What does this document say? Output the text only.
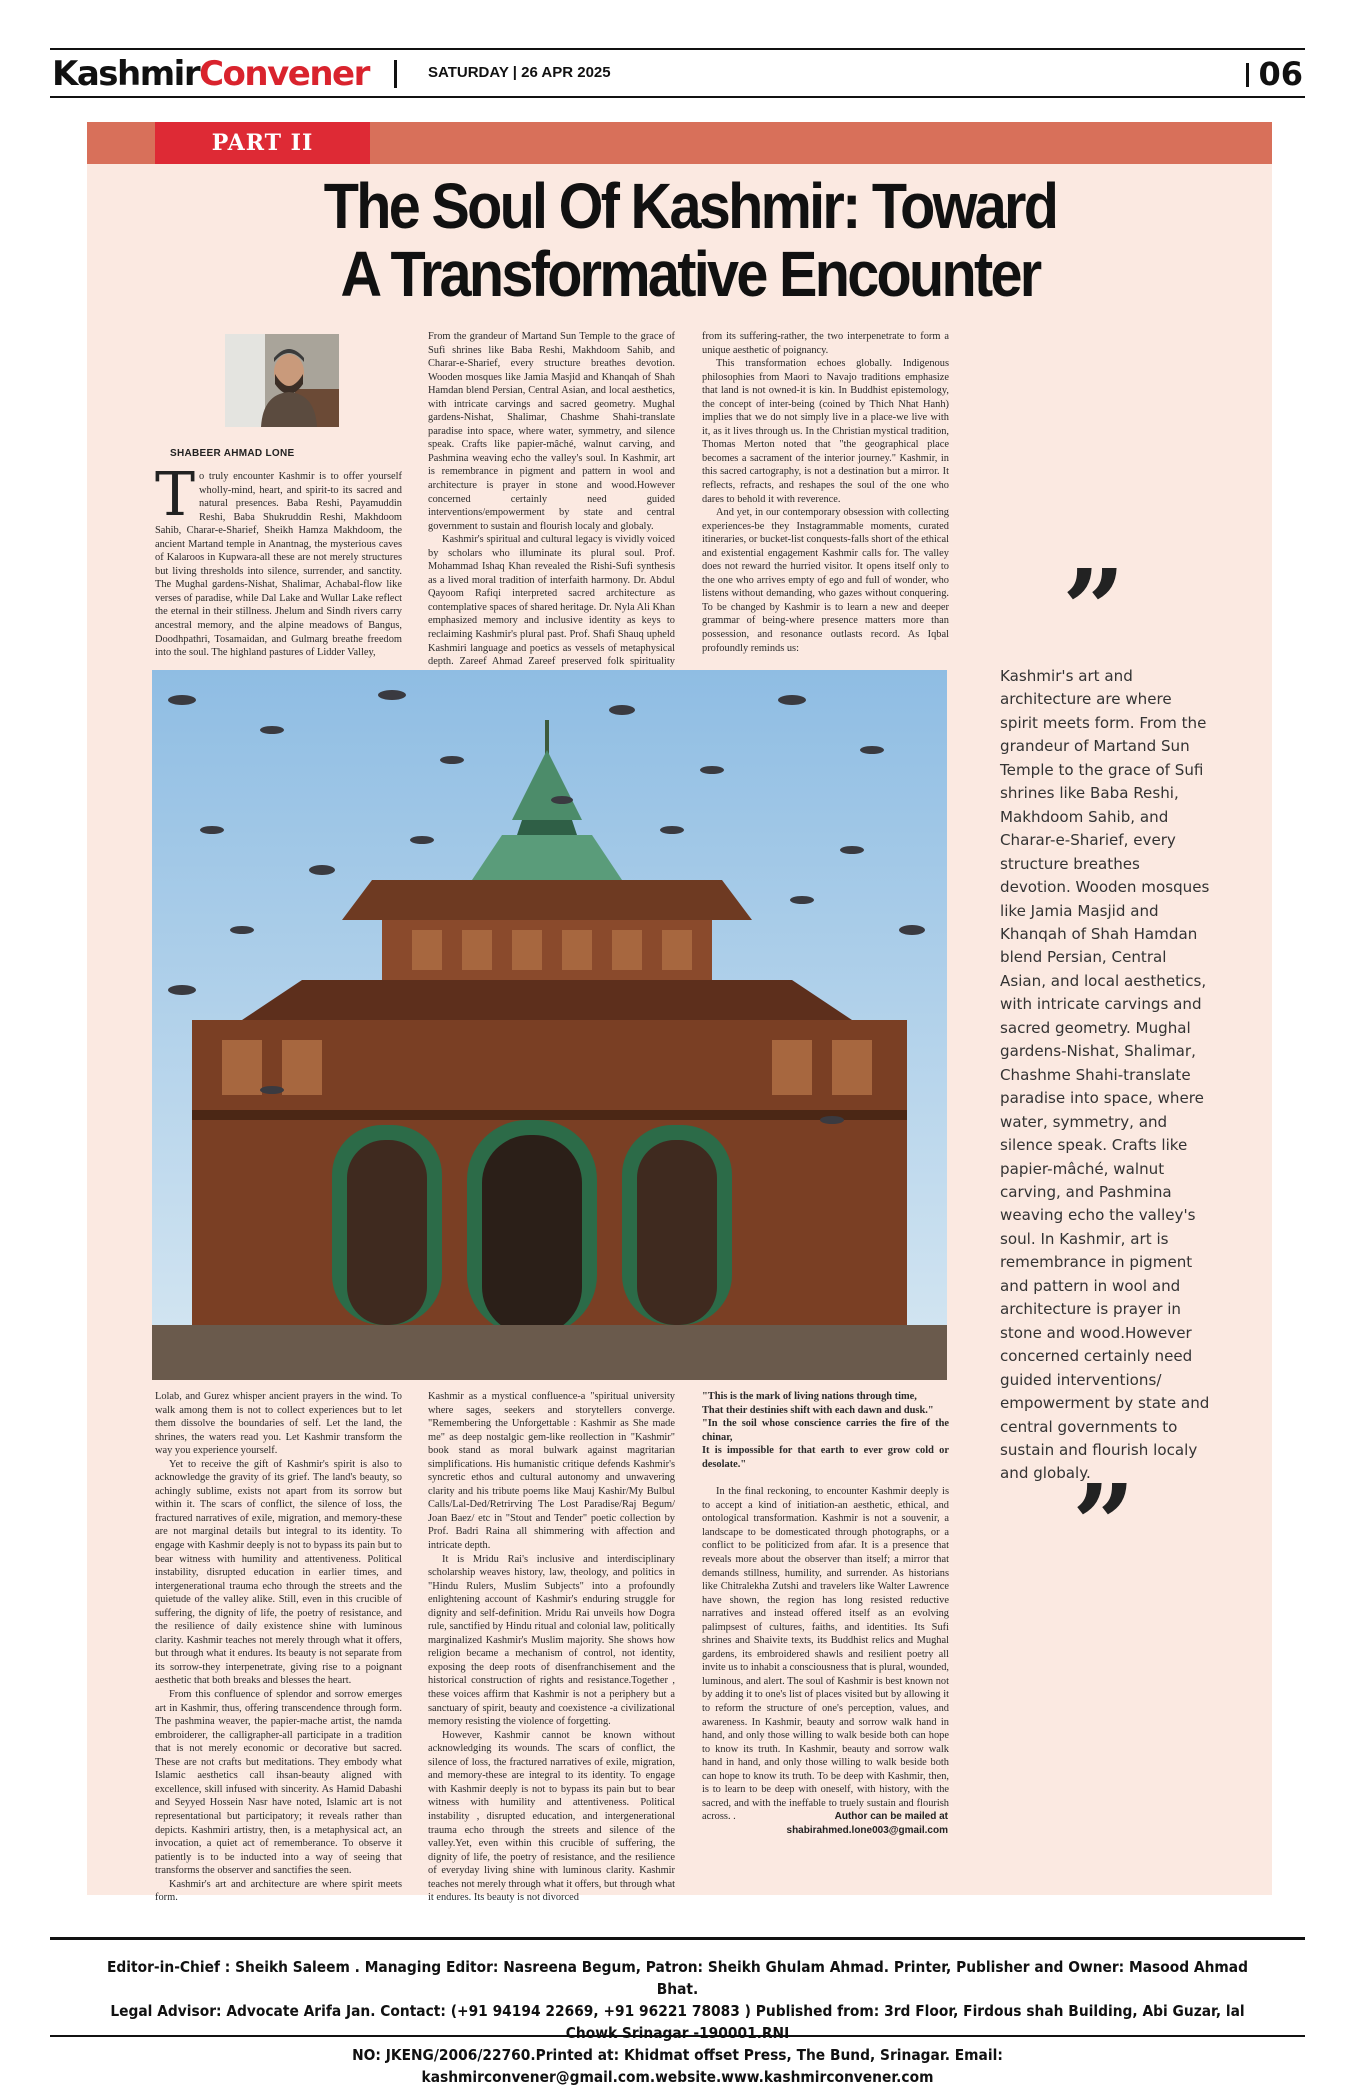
KashmirConvener	SATURDAY | 26 APR 2025	06
PART II
The Soul Of Kashmir: Toward
A Transformative Encounter
SHABEER AHMAD LONE
T o truly encounter Kashmir is to offer yourself wholly-mind, heart, and spirit-to its sacred and natural presences. Baba Reshi, Payamuddin Reshi, Baba Shukruddin Reshi, Makhdoom Sahib, Charar-e-Sharief, Sheikh Hamza Makhdoom, the ancient Martand temple in Anantnag, the mysterious caves of Kalaroos in Kupwara-all these are not merely structures but living thresholds into silence, surrender, and sanctity. The Mughal gardens-Nishat, Shalimar, Achabal-flow like verses of paradise, while Dal Lake and Wullar Lake reflect the eternal in their stillness. Jhelum and Sindh rivers carry ancestral memory, and the alpine meadows of Bangus, Doodhpathri, Tosamaidan, and Gulmarg breathe freedom into the soul. The highland pastures of Lidder Valley,

From the grandeur of Martand Sun Temple to the grace of Sufi shrines like Baba Reshi, Makhdoom Sahib, and Charar-e-Sharief, every structure breathes devotion. Wooden mosques like Jamia Masjid and Khanqah of Shah Hamdan blend Persian, Central Asian, and local aesthetics, with intricate carvings and sacred geometry. Mughal gardens-Nishat, Shalimar, Chashme Shahi-translate paradise into space, where water, symmetry, and silence speak. Crafts like papier-mâché, walnut carving, and Pashmina weaving echo the valley's soul. In Kashmir, art is remembrance in pigment and pattern in wool and architecture is prayer in stone and wood.However concerned certainly need guided interventions/empowerment by state and central government to sustain and flourish localy and globaly.

Kashmir's spiritual and cultural legacy is vividly voiced by scholars who illuminate its plural soul. Prof. Mohammad Ishaq Khan revealed the Rishi-Sufi synthesis as a lived moral tradition of interfaith harmony. Dr. Abdul Qayoom Rafiqi interpreted sacred architecture as contemplative spaces of shared heritage. Dr. Nyla Ali Khan emphasized memory and inclusive identity as keys to reclaiming Kashmir's plural past. Prof. Shafi Shauq upheld Kashmiri language and poetics as vessels of metaphysical depth. Zareef Ahmad Zareef preserved folk spirituality

from its suffering-rather, the two interpenetrate to form a unique aesthetic of poignancy.

This transformation echoes globally. Indigenous philosophies from Maori to Navajo traditions emphasize that land is not owned-it is kin. In Buddhist epistemology, the concept of inter-being (coined by Thich Nhat Hanh) implies that we do not simply live in a place-we live with it, as it lives through us. In the Christian mystical tradition, Thomas Merton noted that "the geographical place becomes a sacrament of the interior journey." Kashmir, in this sacred cartography, is not a destination but a mirror. It reflects, refracts, and reshapes the soul of the one who dares to behold it with reverence.

And yet, in our contemporary obsession with collecting experiences-be they Instagrammable moments, curated itineraries, or bucket-list conquests-falls short of the ethical and existential engagement Kashmir calls for. The valley does not reward the hurried visitor. It opens itself only to the one who arrives empty of ego and full of wonder, who listens without demanding, who gazes without conquering. To be changed by Kashmir is to learn a new and deeper grammar of being-where presence matters more than possession, and resonance outlasts record. As Iqbal profoundly reminds us:	”
Kashmir's art and architecture are where spirit meets form. From the grandeur of Martand Sun Temple to the grace of Sufi shrines like Baba Reshi, Makhdoom Sahib, and Charar-e-Sharief, every structure breathes devotion. Wooden mosques like Jamia Masjid and Khanqah of Shah Hamdan blend Persian, Central Asian, and local aesthetics, with intricate carvings and sacred geometry. Mughal gardens-Nishat, Shalimar, Chashme Shahi-translate paradise into space, where water, symmetry, and silence speak. Crafts like papier-mâché, walnut carving, and Pashmina weaving echo the valley's soul. In Kashmir, art is remembrance in pigment and pattern in wool and architecture is prayer in stone and wood.However concerned certainly need guided interventions/ empowerment by state and central governments to sustain and flourish localy and globaly.
”

Lolab, and Gurez whisper ancient prayers in the wind. To walk among them is not to collect experiences but to let them dissolve the boundaries of self. Let the land, the shrines, the waters read you. Let Kashmir transform the way you experience yourself.

Yet to receive the gift of Kashmir's spirit is also to acknowledge the gravity of its grief. The land's beauty, so achingly sublime, exists not apart from its sorrow but within it. The scars of conflict, the silence of loss, the fractured narratives of exile, migration, and memory-these are not marginal details but integral to its identity. To engage with Kashmir deeply is not to bypass its pain but to bear witness with humility and attentiveness. Political instability, disrupted education in earlier times, and intergenerational trauma echo through the streets and the quietude of the valley alike. Still, even in this crucible of suffering, the dignity of life, the poetry of resistance, and the resilience of daily existence shine with luminous clarity. Kashmir teaches not merely through what it offers, but through what it endures. Its beauty is not separate from its sorrow-they interpenetrate, giving rise to a poignant aesthetic that both breaks and blesses the heart.

From this confluence of splendor and sorrow emerges art in Kashmir, thus, offering transcendence through form. The pashmina weaver, the papier-mache artist, the namda embroiderer, the calligrapher-all participate in a tradition that is not merely economic or decorative but sacred. These are not crafts but meditations. They embody what Islamic aesthetics call ihsan-beauty aligned with excellence, skill infused with sincerity. As Hamid Dabashi and Seyyed Hossein Nasr have noted, Islamic art is not representational but participatory; it reveals rather than depicts. Kashmiri artistry, then, is a metaphysical act, an invocation, a quiet act of rememberance. To observe it patiently is to be inducted into a way of seeing that transforms the observer and sanctifies the seen.

Kashmir's art and architecture are where spirit meets form.

Kashmir as a mystical confluence-a "spiritual university where sages, seekers and storytellers converge. "Remembering the Unforgettable : Kashmir as She made me" as deep nostalgic gem-like reollection in "Kashmir" book stand as moral bulwark against magritarian simplifications. His humanistic critique defends Kashmir's syncretic ethos and cultural autonomy and unwavering clarity and his tribute poems like Mauj Kashir/My Bulbul Calls/Lal-Ded/Retrirving The Lost Paradise/Raj Begum/ Joan Baez/ etc in "Stout and Tender" poetic collection by Prof. Badri Raina all shimmering with affection and intricate depth.

It is Mridu Rai's inclusive and interdisciplinary scholarship weaves history, law, theology, and politics in "Hindu Rulers, Muslim Subjects" into a profoundly enlightening account of Kashmir's enduring struggle for dignity and self-definition. Mridu Rai unveils how Dogra rule, sanctified by Hindu ritual and colonial law, politically marginalized Kashmir's Muslim majority. She shows how religion became a mechanism of control, not identity, exposing the deep roots of disenfranchisement and the historical construction of rights and resistance.Together , these voices affirm that Kashmir is not a periphery but a sanctuary of spirit, beauty and coexistence -a civilizational memory resisting the violence of forgetting.

However, Kashmir cannot be known without acknowledging its wounds. The scars of conflict, the silence of loss, the fractured narratives of exile, migration, and memory-these are integral to its identity. To engage with Kashmir deeply is not to bypass its pain but to bear witness with humility and attentiveness. Political instability , disrupted education, and intergenerational trauma echo through the streets and silence of the valley.Yet, even within this crucible of suffering, the dignity of life, the poetry of resistance, and the resilience of everyday living shine with luminous clarity. Kashmir teaches not merely through what it offers, but through what it endures. Its beauty is not divorced

"This is the mark of living nations through time,

That their destinies shift with each dawn and dusk."

"In the soil whose conscience carries the fire of the chinar,

It is impossible for that earth to ever grow cold or desolate."

In the final reckoning, to encounter Kashmir deeply is to accept a kind of initiation-an aesthetic, ethical, and ontological transformation. Kashmir is not a souvenir, a landscape to be domesticated through photographs, or a conflict to be politicized from afar. It is a presence that reveals more about the observer than itself; a mirror that demands stillness, humility, and surrender. As historians like Chitralekha Zutshi and travelers like Walter Lawrence have shown, the region has long resisted reductive narratives and instead offered itself as an evolving palimpsest of cultures, faiths, and identities. Its Sufi shrines and Shaivite texts, its Buddhist relics and Mughal gardens, its embroidered shawls and resilient poetry all invite us to inhabit a consciousness that is plural, wounded, luminous, and alert. The soul of Kashmir is best known not by adding it to one's list of places visited but by allowing it to reform the structure of one's perception, values, and awareness. In Kashmir, beauty and sorrow walk hand in hand, and only those willing to walk beside both can hope to know its truth. In Kashmir, beauty and sorrow walk hand in hand, and only those willing to walk beside both can hope to know its truth. To be deep with Kashmir, then, is to learn to be deep with oneself, with history, with the sacred, and with the ineffable to truely sustain and flourish across. .	Author can be mailed at
shabirahmed.lone003@gmail.com
Editor-in-Chief : Sheikh Saleem . Managing Editor: Nasreena Begum, Patron: Sheikh Ghulam Ahmad. Printer, Publisher and Owner: Masood Ahmad Bhat.
Legal Advisor: Advocate Arifa Jan. Contact: (+91 94194 22669, +91 96221 78083 ) Published from: 3rd Floor, Firdous shah Building, Abi Guzar, lal Chowk Srinagar -190001.RNI
NO: JKENG/2006/22760.Printed at: Khidmat offset Press, The Bund, Srinagar. Email: kashmirconvener@gmail.com.website.www.kashmirconvener.com
